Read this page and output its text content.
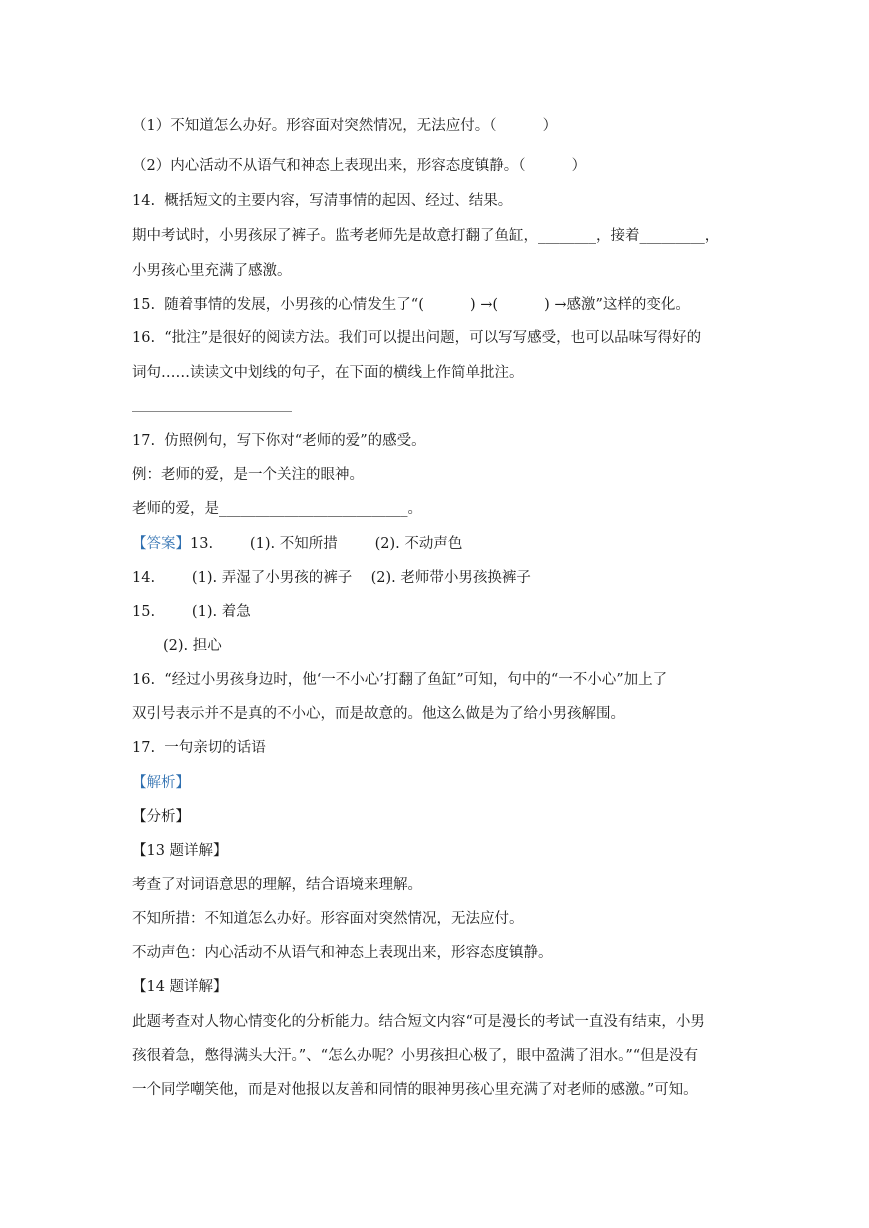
（1）不知道怎么办好。形容面对突然情况，无法应付。（          ）
（2）内心活动不从语气和神态上表现出来，形容态度镇静。（          ）
14.  概括短文的主要内容，写清事情的起因、经过、结果。
期中考试时，小男孩尿了裤子。监考老师先是故意打翻了鱼缸，________，接着_________，
小男孩心里充满了感激。
15.  随着事情的发展，小男孩的心情发生了“(          ) →(          ) →感激”这样的变化。
16.  “批注”是很好的阅读方法。我们可以提出问题，可以写写感受，也可以品味写得好的
词句……读读文中划线的句子，在下面的横线上作简单批注。
17.  仿照例句，写下你对“老师的爱”的感受。
例：老师的爱，是一个关注的眼神。
老师的爱，是__________________________。
【答案】13.        (1). 不知所措        (2). 不动声色
14.        (1). 弄湿了小男孩的裤子    (2). 老师带小男孩换裤子
15.        (1). 着急
(2). 担心
16.  “经过小男孩身边时，他‘一不小心’打翻了鱼缸”可知，句中的“一不小心”加上了
双引号表示并不是真的不小心，而是故意的。他这么做是为了给小男孩解围。
17.  一句亲切的话语
【解析】
【分析】
【13 题详解】
考查了对词语意思的理解，结合语境来理解。
不知所措：不知道怎么办好。形容面对突然情况，无法应付。
不动声色：内心活动不从语气和神态上表现出来，形容态度镇静。
【14 题详解】
此题考查对人物心情变化的分析能力。结合短文内容“可是漫长的考试一直没有结束，小男
孩很着急，憋得满头大汗。”、“怎么办呢？小男孩担心极了，眼中盈满了泪水。”“但是没有
一个同学嘲笑他，而是对他报以友善和同情的眼神男孩心里充满了对老师的感激。”可知。
